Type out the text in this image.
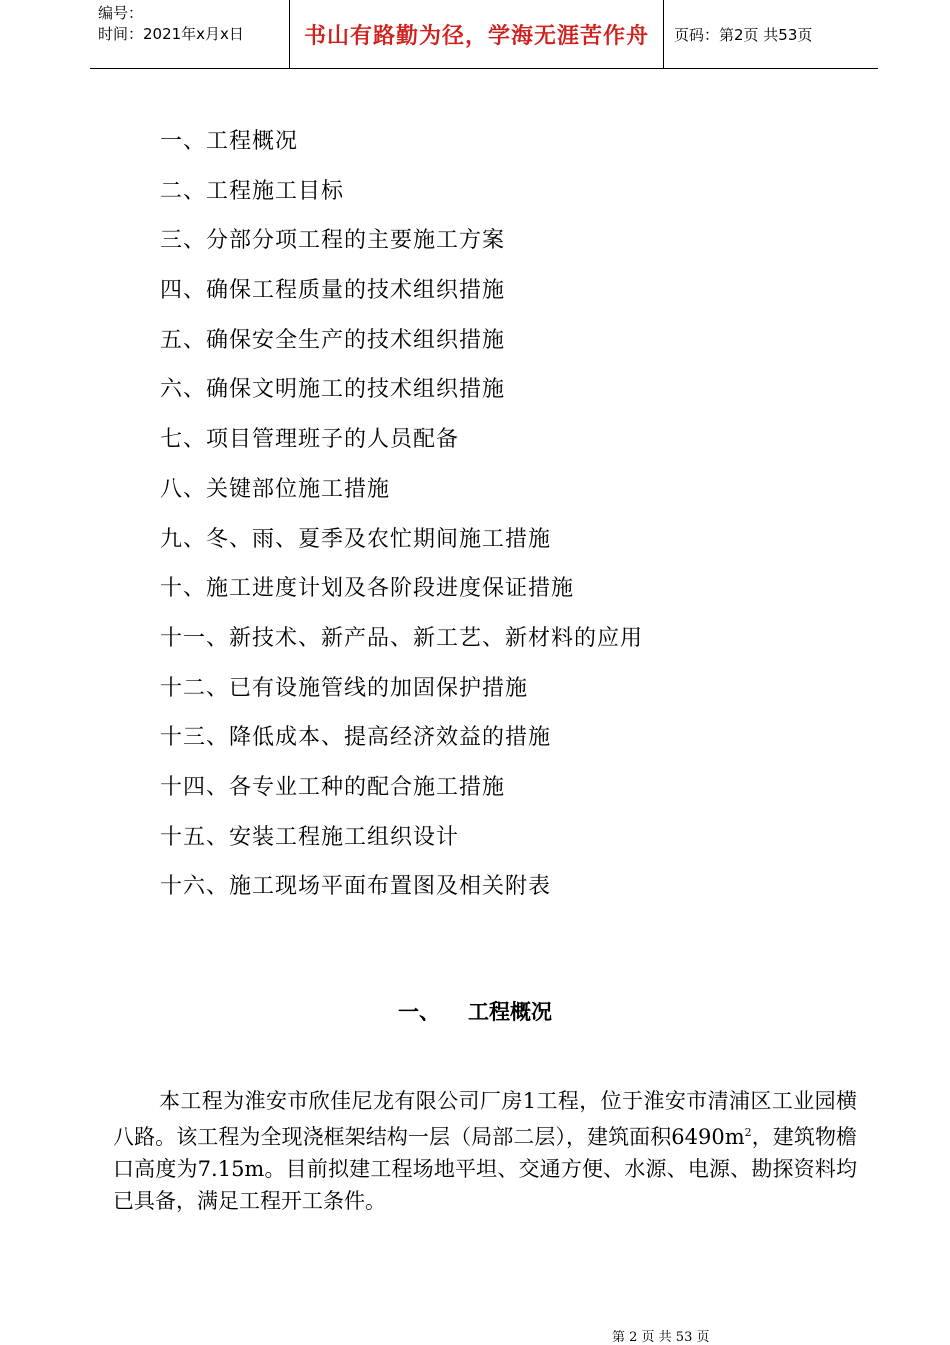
编号：
时间：2021年x月x日	书山有路勤为径，学海无涯苦作舟	页码：第2页 共53页
一、工程概况
二、工程施工目标
三、分部分项工程的主要施工方案
四、确保工程质量的技术组织措施
五、确保安全生产的技术组织措施
六、确保文明施工的技术组织措施
七、项目管理班子的人员配备
八、关键部位施工措施
九、冬、雨、夏季及农忙期间施工措施
十、施工进度计划及各阶段进度保证措施
十一、新技术、新产品、新工艺、新材料的应用
十二、已有设施管线的加固保护措施
十三、降低成本、提高经济效益的措施
十四、各专业工种的配合施工措施
十五、安装工程施工组织设计
十六、施工现场平面布置图及相关附表
一、 工程概况

本工程为淮安市欣佳尼龙有限公司厂房1工程，位于淮安市清浦区工业园横八路。该工程为全现浇框架结构一层（局部二层），建筑面积$6490m^2$，建筑物檐口高度为7.15m。目前拟建工程场地平坦、交通方便、水源、电源、勘探资料均已具备，满足工程开工条件。

第 2 页 共 53 页
